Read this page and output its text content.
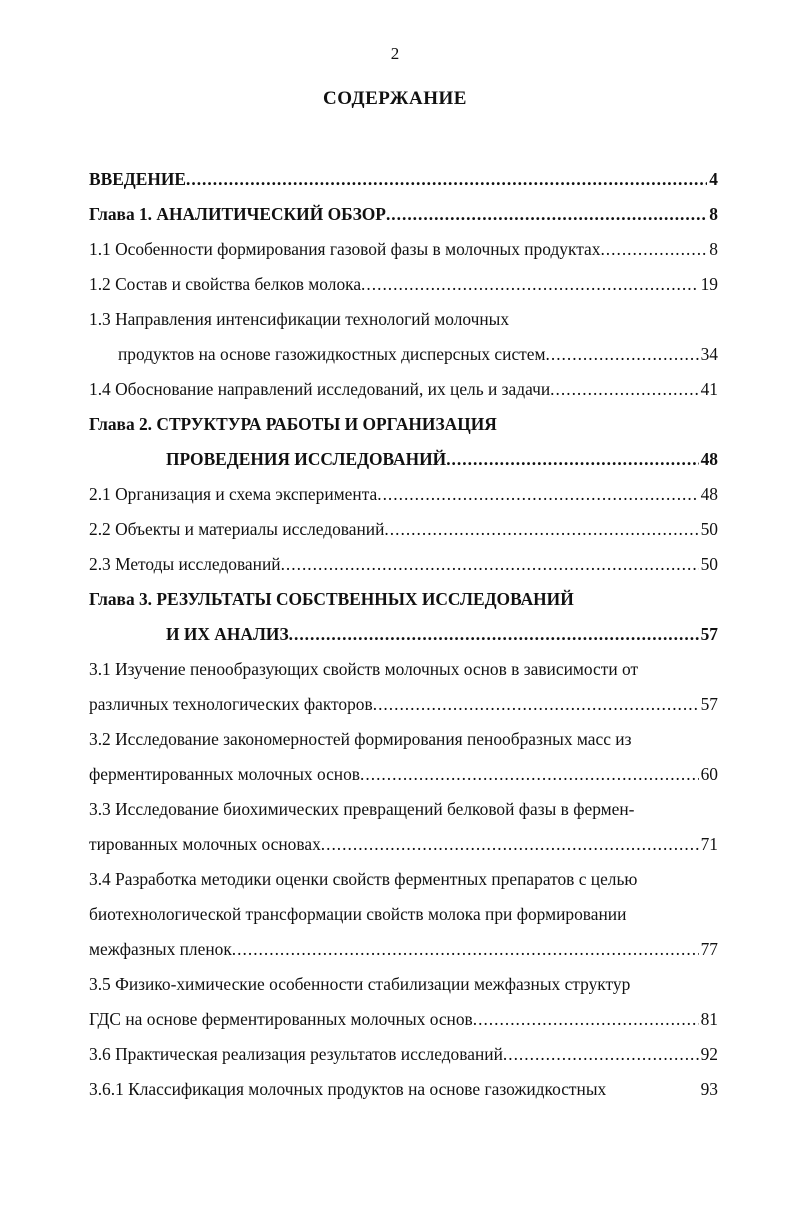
2
СОДЕРЖАНИЕ
ВВЕДЕНИЕ .....	4
Глава 1. АНАЛИТИЧЕСКИЙ ОБЗОР .....	8
1.1 Особенности формирования газовой фазы в молочных продуктах .....	8
1.2 Состав и свойства белков молока .....	19
1.3 Направления интенсификации технологий молочных
продуктов на основе газожидкостных дисперсных систем .....	34
1.4 Обоснование направлений исследований, их цель и задачи .....	41
Глава 2. СТРУКТУРА РАБОТЫ И ОРГАНИЗАЦИЯ
ПРОВЕДЕНИЯ ИССЛЕДОВАНИЙ .....	48
2.1 Организация и схема эксперимента .....	48
2.2 Объекты и материалы исследований .....	50
2.3 Методы исследований .....	50
Глава 3. РЕЗУЛЬТАТЫ СОБСТВЕННЫХ ИССЛЕДОВАНИЙ
И ИХ АНАЛИЗ .....	57
3.1 Изучение пенообразующих свойств молочных основ в зависимости от
различных технологических факторов .....	57
3.2 Исследование закономерностей формирования пенообразных масс из
ферментированных молочных основ .....	60
3.3 Исследование биохимических превращений белковой фазы в фермен-
тированных молочных основах .....	71
3.4 Разработка методики оценки свойств ферментных препаратов с целью
биотехнологической трансформации свойств молока при формировании
межфазных пленок .....	77
3.5 Физико-химические особенности стабилизации межфазных структур
ГДС на основе ферментированных молочных основ .....	81
3.6 Практическая реализация результатов исследований .....	92
3.6.1 Классификация молочных продуктов на основе газожидкостных	93
